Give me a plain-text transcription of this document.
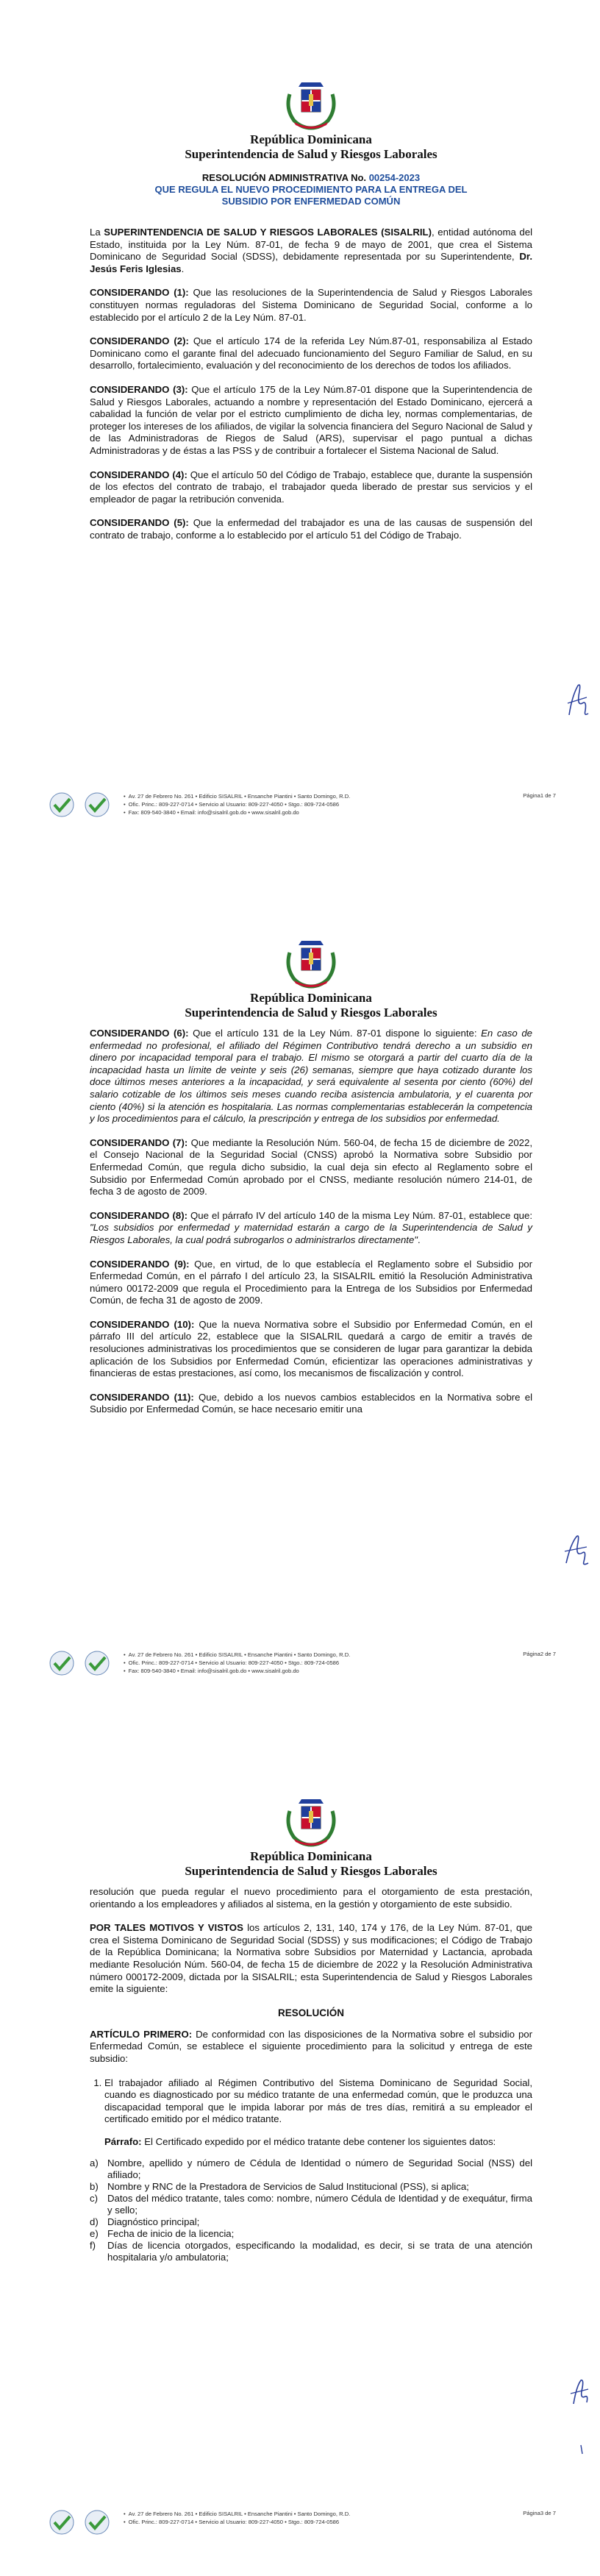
República Dominicana
Superintendencia de Salud y Riesgos Laborales
RESOLUCIÓN ADMINISTRATIVA No. 00254-2023
QUE REGULA EL NUEVO PROCEDIMIENTO PARA LA ENTREGA DEL
SUBSIDIO POR ENFERMEDAD COMÚN

La SUPERINTENDENCIA DE SALUD Y RIESGOS LABORALES (SISALRIL), entidad autónoma del Estado, instituida por la Ley Núm. 87-01, de fecha 9 de mayo de 2001, que crea el Sistema Dominicano de Seguridad Social (SDSS), debidamente representada por su Superintendente, Dr. Jesús Feris Iglesias.

CONSIDERANDO (1): Que las resoluciones de la Superintendencia de Salud y Riesgos Laborales constituyen normas reguladoras del Sistema Dominicano de Seguridad Social, conforme a lo establecido por el artículo 2 de la Ley Núm. 87-01.

CONSIDERANDO (2): Que el artículo 174 de la referida Ley Núm.87-01, responsabiliza al Estado Dominicano como el garante final del adecuado funcionamiento del Seguro Familiar de Salud, en su desarrollo, fortalecimiento, evaluación y del reconocimiento de los derechos de todos los afiliados.

CONSIDERANDO (3): Que el artículo 175 de la Ley Núm.87-01 dispone que la Superintendencia de Salud y Riesgos Laborales, actuando a nombre y representación del Estado Dominicano, ejercerá a cabalidad la función de velar por el estricto cumplimiento de dicha ley, normas complementarias, de proteger los intereses de los afiliados, de vigilar la solvencia financiera del Seguro Nacional de Salud y de las Administradoras de Riegos de Salud (ARS), supervisar el pago puntual a dichas Administradoras y de éstas a las PSS y de contribuir a fortalecer el Sistema Nacional de Salud.

CONSIDERANDO (4): Que el artículo 50 del Código de Trabajo, establece que, durante la suspensión de los efectos del contrato de trabajo, el trabajador queda liberado de prestar sus servicios y el empleador de pagar la retribución convenida.

CONSIDERANDO (5): Que la enfermedad del trabajador es una de las causas de suspensión del contrato de trabajo, conforme a lo establecido por el artículo 51 del Código de Trabajo.

• Av. 27 de Febrero No. 261 • Edificio SISALRIL • Ensanche Piantini • Santo Domingo, R.D.
• Ofic. Princ.: 809-227-0714 • Servicio al Usuario: 809-227-4050 • Stgo.: 809-724-0586
• Fax: 809-540-3840 • Email: info@sisalril.gob.do • www.sisalril.gob.do
Página1 de 7
República Dominicana
Superintendencia de Salud y Riesgos Laborales

CONSIDERANDO (6): Que el artículo 131 de la Ley Núm. 87-01 dispone lo siguiente: En caso de enfermedad no profesional, el afiliado del Régimen Contributivo tendrá derecho a un subsidio en dinero por incapacidad temporal para el trabajo. El mismo se otorgará a partir del cuarto día de la incapacidad hasta un límite de veinte y seis (26) semanas, siempre que haya cotizado durante los doce últimos meses anteriores a la incapacidad, y será equivalente al sesenta por ciento (60%) del salario cotizable de los últimos seis meses cuando reciba asistencia ambulatoria, y el cuarenta por ciento (40%) si la atención es hospitalaria. Las normas complementarias establecerán la competencia y los procedimientos para el cálculo, la prescripción y entrega de los subsidios por enfermedad.

CONSIDERANDO (7): Que mediante la Resolución Núm. 560-04, de fecha 15 de diciembre de 2022, el Consejo Nacional de la Seguridad Social (CNSS) aprobó la Normativa sobre Subsidio por Enfermedad Común, que regula dicho subsidio, la cual deja sin efecto al Reglamento sobre el Subsidio por Enfermedad Común aprobado por el CNSS, mediante resolución número 214-01, de fecha 3 de agosto de 2009.

CONSIDERANDO (8): Que el párrafo IV del artículo 140 de la misma Ley Núm. 87-01, establece que: "Los subsidios por enfermedad y maternidad estarán a cargo de la Superintendencia de Salud y Riesgos Laborales, la cual podrá subrogarlos o administrarlos directamente".

CONSIDERANDO (9): Que, en virtud, de lo que establecía el Reglamento sobre el Subsidio por Enfermedad Común, en el párrafo I del artículo 23, la SISALRIL emitió la Resolución Administrativa número 00172-2009 que regula el Procedimiento para la Entrega de los Subsidios por Enfermedad Común, de fecha 31 de agosto de 2009.

CONSIDERANDO (10): Que la nueva Normativa sobre el Subsidio por Enfermedad Común, en el párrafo III del artículo 22, establece que la SISALRIL quedará a cargo de emitir a través de resoluciones administrativas los procedimientos que se consideren de lugar para garantizar la debida aplicación de los Subsidios por Enfermedad Común, eficientizar las operaciones administrativas y financieras de estas prestaciones, así como, los mecanismos de fiscalización y control.

CONSIDERANDO (11): Que, debido a los nuevos cambios establecidos en la Normativa sobre el Subsidio por Enfermedad Común, se hace necesario emitir una

• Av. 27 de Febrero No. 261 • Edificio SISALRIL • Ensanche Piantini • Santo Domingo, R.D.
• Ofic. Princ.: 809-227-0714 • Servicio al Usuario: 809-227-4050 • Stgo.: 809-724-0586
• Fax: 809-540-3840 • Email: info@sisalril.gob.do • www.sisalril.gob.do
Página2 de 7
República Dominicana
Superintendencia de Salud y Riesgos Laborales

resolución que pueda regular el nuevo procedimiento para el otorgamiento de esta prestación, orientando a los empleadores y afiliados al sistema, en la gestión y otorgamiento de este subsidio.

POR TALES MOTIVOS Y VISTOS los artículos 2, 131, 140, 174 y 176, de la Ley Núm. 87-01, que crea el Sistema Dominicano de Seguridad Social (SDSS) y sus modificaciones; el Código de Trabajo de la República Dominicana; la Normativa sobre Subsidios por Maternidad y Lactancia, aprobada mediante Resolución Núm. 560-04, de fecha 15 de diciembre de 2022 y la Resolución Administrativa número 000172-2009, dictada por la SISALRIL; esta Superintendencia de Salud y Riesgos Laborales emite la siguiente:

RESOLUCIÓN

ARTÍCULO PRIMERO: De conformidad con las disposiciones de la Normativa sobre el subsidio por Enfermedad Común, se establece el siguiente procedimiento para la solicitud y entrega de este subsidio:

1. El trabajador afiliado al Régimen Contributivo del Sistema Dominicano de Seguridad Social, cuando es diagnosticado por su médico tratante de una enfermedad común, que le produzca una discapacidad temporal que le impida laborar por más de tres días, remitirá a su empleador el certificado emitido por el médico tratante.

Párrafo: El Certificado expedido por el médico tratante debe contener los siguientes datos:

a) Nombre, apellido y número de Cédula de Identidad o número de Seguridad Social (NSS) del afiliado;
b) Nombre y RNC de la Prestadora de Servicios de Salud Institucional (PSS), si aplica;
c) Datos del médico tratante, tales como: nombre, número Cédula de Identidad y de exequátur, firma y sello;
d) Diagnóstico principal;
e) Fecha de inicio de la licencia;
f)	Días de licencia otorgados, especificando la modalidad, es decir, si se trata de una atención hospitalaria y/o ambulatoria;
• Av. 27 de Febrero No. 261 • Edificio SISALRIL • Ensanche Piantini • Santo Domingo, R.D.
• Ofic. Princ.: 809-227-0714 • Servicio al Usuario: 809-227-4050 • Stgo.: 809-724-0586
Página3 de 7
